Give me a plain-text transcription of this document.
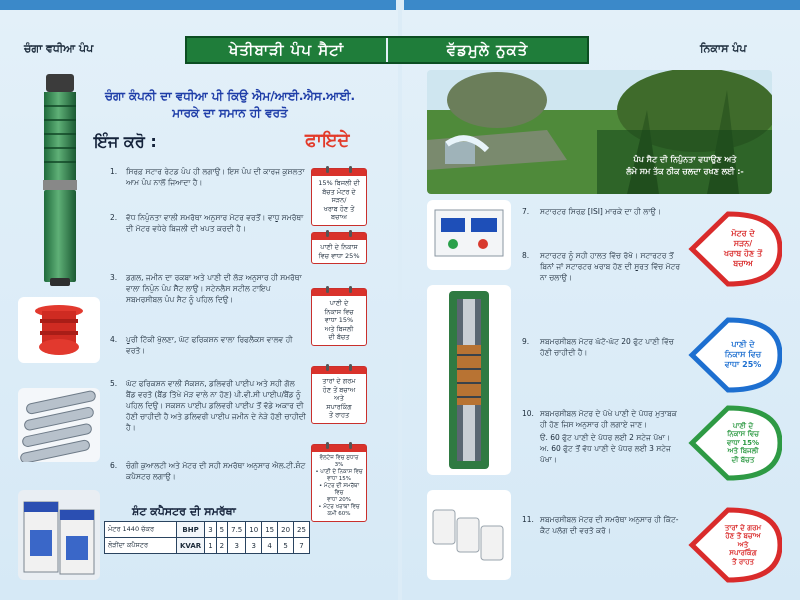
ਚੰਗਾ ਵਧੀਆ ਪੰਪ	ਨਿਕਾਸ ਪੰਪ
ਖੇਤੀਬਾੜੀ ਪੰਪ ਸੈਟਾਂ	ਵੱਡਮੁਲੇ ਨੁਕਤੇ
ਚੰਗਾ ਕੰਪਨੀ ਦਾ ਵਧੀਆ ਪੀ ਕਿਉ ਐਮ/ਆਈ.ਐਸ.ਆਈ.
ਮਾਰਕੇ ਦਾ ਸਮਾਨ ਹੀ ਵਰਤੋ
ਇੰਜ ਕਰੋ :	ਫਾਇਦੇ
1.	ਸਿਰਫ਼ ਸਟਾਰ ਰੇਟਡ ਪੰਪ ਹੀ ਲਗਾਉ। ਇਸ ਪੰਪ ਦੀ ਕਾਰਜ ਕੁਸ਼ਲਤਾ ਆਮ ਪੰਪ ਨਾਲੋਂ ਜਿਆਦਾ ਹੈ।
2.	ਵੱਧ ਨਿਪੁੰਨਤਾ ਵਾਲੀ ਸਮਰੱਥਾ ਅਨੁਸਾਰ ਮੋਟਰ ਵਰਤੋਂ। ਵਾਧੂ ਸਮਰੱਥਾ ਦੀ ਮੋਟਰ ਵਧੇਰੇ ਬਿਜਲੀ ਦੀ ਖਪਤ ਕਰਦੀ ਹੈ।
3.	ਡਗਲ, ਜਮੀਨ ਦਾ ਰਕਬਾ ਅਤੇ ਪਾਣੀ ਦੀ ਲੋੜ ਅਨੁਸਾਰ ਹੀ ਸਮਰੱਥਾ ਵਾਲਾ ਨਿਪੁੰਨ ਪੰਪ ਸੈੱਟ ਲਾਉ। ਸਟੇਨਲੈਸ ਸਟੀਲ ਟਾਇਪ ਸਬਮਰਸੀਬਲ ਪੰਪ ਸੈਟ ਨੂੰ ਪਹਿਲ ਦਿਉ।
4.	ਪੂਰੀ ਟਿੱਕੀ ਖੁੱਲਣਾ, ਘੱਟ ਫਰਿਕਸ਼ਨ ਵਾਲਾ ਰਿਫਲੈਕਸ ਵਾਲਵ ਹੀ ਵਰਤੋ।
5.	ਘੱਟ ਫਰਿਕਸ਼ਨ ਵਾਲੀ ਸੱਕਸ਼ਨ, ਡਲਿਵਰੀ ਪਾਈਪ ਅਤੇ ਸਹੀ ਗੋਲ ਬੈਂਡ ਵਰਤੋ (ਬੈਂਡ ਤਿੱਖੇ ਮੋੜ ਵਾਲੇ ਨਾ ਹੋਣ) ਪੀ.ਵੀ.ਸੀ ਪਾਈਪ/ਬੈਂਡ ਨੂੰ ਪਹਿਲ ਦਿਉ। ਸਕਸ਼ਨ ਪਾਈਪ ਡਲਿਵਰੀ ਪਾਈਪ ਤੋਂ ਵੱਡੇ ਅਕਾਰ ਦੀ ਹੋਣੀ ਚਾਹੀਦੀ ਹੈ ਅਤੇ ਡਲਿਵਰੀ ਪਾਈਪ ਜਮੀਨ ਦੇ ਨੇੜੇ ਹੋਣੀ ਚਾਹੀਦੀ ਹੈ।
6.	ਚੰਗੀ ਕੁਆਲਟੀ ਅਤੇ ਮੋਟਰ ਦੀ ਸਹੀ ਸਮਰੱਥਾ ਅਨੁਸਾਰ ਐਲ.ਟੀ.ਸ਼ੰਟ ਕਪੈਸਟਰ ਲਗਾਉ।
15% ਬਿਜਲੀ ਦੀ
ਬੱਚਤ ਮੋਟਰ ਦੇ ਸੜਨ/
ਖਰਾਬ ਹੋਣ ਤੋਂ ਬਚਾਅ
ਪਾਣੀ ਦੇ ਨਿਕਾਸ
ਵਿਚ ਵਾਧਾ 25%
ਪਾਣੀ ਦੇ
ਨਿਕਾਸ ਵਿਚ
ਵਾਧਾ 15%
ਅਤੇ ਬਿਜਲੀ
ਦੀ ਬੱਚਤ
ਤਾਰਾਂ ਦੇ ਗਰਮ
ਹੋਣ ਤੋਂ ਬਚਾਅ
ਅਤੇ
ਸਪਾਰਕਿੰਗ
ਤੋਂ ਰਾਹਤ
ਵੋਲਟੇਜ ਵਿਚ ਸੁਧਾਰ 3%
• ਪਾਣੀ ਦੇ ਨਿਕਾਸ ਵਿਚ
ਵਾਧਾ 15%
• ਮੋਟਰ ਦੀ ਸਮਰੱਥਾ ਵਿਚ
ਵਾਧਾ 20%
• ਮੋਟਰ ਖਰਾਬਾਂ ਵਿਚ
ਕਮੀ 60%
ਸ਼ੰਟ ਕਪੈਸਟਰ ਦੀ ਸਮਰੱਥਾ
ਮੋਟਰ 1440 ਚੱਕਰ	BHP	3	5	7.5	10	15	20	25
ਲੋੜੀਂਦਾ ਕਪੈਸਟਰ	KVAR	1	2	3	3	4	5	7
ਪੰਪ ਸੈਟ ਦੀ ਨਿਪੁੰਨਤਾ ਵਧਾਉਣ ਅਤੇ
ਲੰਮੇ ਸਮ ਤੱਕ ਠੀਕ ਚਲਦਾ ਰਖਣ ਲਈ :-
7.	ਸਟਾਰਟਰ ਸਿਰਫ਼ [ISI] ਮਾਰਕੇ ਦਾ ਹੀ ਲਾਉ।
8.	ਸਟਾਰਟਰ ਨੂੰ ਸਹੀ ਹਾਲਤ ਵਿੱਚ ਰੱਖੋ। ਸਟਾਰਟਰ ਤੋਂ ਬਿਨਾਂ ਜਾਂ ਸਟਾਰਟਰ ਖਰਾਬ ਹੋਣ ਦੀ ਸੂਰਤ ਵਿੱਚ ਮੋਟਰ ਨਾ ਚਲਾਉ।
9.	ਸਬਮਰਸੀਬਲ ਮੋਟਰ ਘੱਟੋ-ਘੱਟ 20 ਫੁੱਟ ਪਾਣੀ ਵਿੱਚ ਹੋਣੀ ਚਾਹੀਦੀ ਹੈ।
10. ਸਬਮਰਸੀਬਲ ਮੋਟਰ ਦੇ ਪੱਖੇ ਪਾਣੀ ਦੇ ਪੱਧਰ ਮੁਤਾਬਕ ਹੀ ਹੋਣ ਜਿਸ ਅਨੁਸਾਰ ਹੀ ਲਗਾਏ ਜਾਣ।
ੳ. 60 ਫੁੱਟ ਪਾਣੀ ਦੇ ਪੱਧਰ ਲਈ 2 ਸਟੇਜ ਪੱਖਾ।
ਅ. 60 ਫੁੱਟ ਤੋਂ ਵੱਧ ਪਾਣੀ ਦੇ ਪੱਧਰ ਲਈ 3 ਸਟੇਜ ਪੱਖਾ।
11. ਸਬਮਰਸੀਬਲ ਮੋਟਰ ਦੀ ਸਮਰੱਥਾ ਅਨੁਸਾਰ ਹੀ ਕਿੱਟ-ਕੈਟ ਪਲੱਗ ਦੀ ਵਰਤੋ ਕਰੋ।
ਮੋਟਰ ਦੇ
ਸੜਨ/
ਖਰਾਬ ਹੋਣ ਤੋਂ
ਬਚਾਅ
ਪਾਣੀ ਦੇ
ਨਿਕਾਸ ਵਿਚ
ਵਾਧਾ 25%
ਪਾਣੀ ਦੇ
ਨਿਕਾਸ ਵਿਚ
ਵਾਧਾ 15%
ਅਤੇ ਬਿਜਲੀ
ਦੀ ਬੱਚਤ
ਤਾਰਾਂ ਦੇ ਗਰਮ
ਹੋਣ ਤੋਂ ਬਚਾਅ
ਅਤੇ
ਸਪਾਰਕਿੰਗ
ਤੋਂ ਰਾਹਤ
